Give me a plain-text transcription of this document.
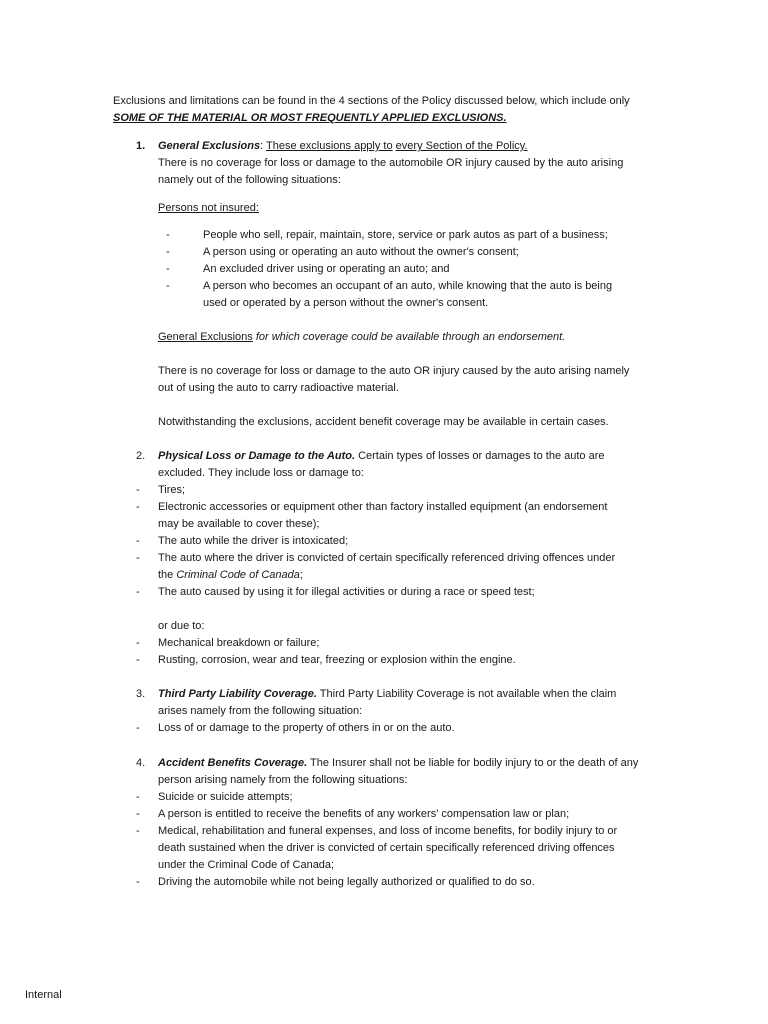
Exclusions and limitations can be found in the 4 sections of the Policy discussed below, which include only
SOME OF THE MATERIAL OR MOST FREQUENTLY APPLIED EXCLUSIONS.
1. General Exclusions: These exclusions apply to every Section of the Policy.
There is no coverage for loss or damage to the automobile OR injury caused by the auto arising
namely out of the following situations:
Persons not insured:
-	People who sell, repair, maintain, store, service or park autos as part of a business;
-	A person using or operating an auto without the owner's consent;
-	An excluded driver using or operating an auto; and
-	A person who becomes an occupant of an auto, while knowing that the auto is being
used or operated by a person without the owner's consent.
General Exclusions for which coverage could be available through an endorsement.
There is no coverage for loss or damage to the auto OR injury caused by the auto arising namely
out of using the auto to carry radioactive material.
Notwithstanding the exclusions, accident benefit coverage may be available in certain cases.
2. Physical Loss or Damage to the Auto. Certain types of losses or damages to the auto are
excluded. They include loss or damage to:
- Tires;
- Electronic accessories or equipment other than factory installed equipment (an endorsement
may be available to cover these);
- The auto while the driver is intoxicated;
- The auto where the driver is convicted of certain specifically referenced driving offences under
the Criminal Code of Canada;
- The auto caused by using it for illegal activities or during a race or speed test;
or due to:
- Mechanical breakdown or failure;
- Rusting, corrosion, wear and tear, freezing or explosion within the engine.
3. Third Party Liability Coverage. Third Party Liability Coverage is not available when the claim
arises namely from the following situation:
- Loss of or damage to the property of others in or on the auto.
4. Accident Benefits Coverage. The Insurer shall not be liable for bodily injury to or the death of any
person arising namely from the following situations:
- Suicide or suicide attempts;
- A person is entitled to receive the benefits of any workers' compensation law or plan;
- Medical, rehabilitation and funeral expenses, and loss of income benefits, for bodily injury to or
death sustained when the driver is convicted of certain specifically referenced driving offences
under the Criminal Code of Canada;
- Driving the automobile while not being legally authorized or qualified to do so.
Internal
